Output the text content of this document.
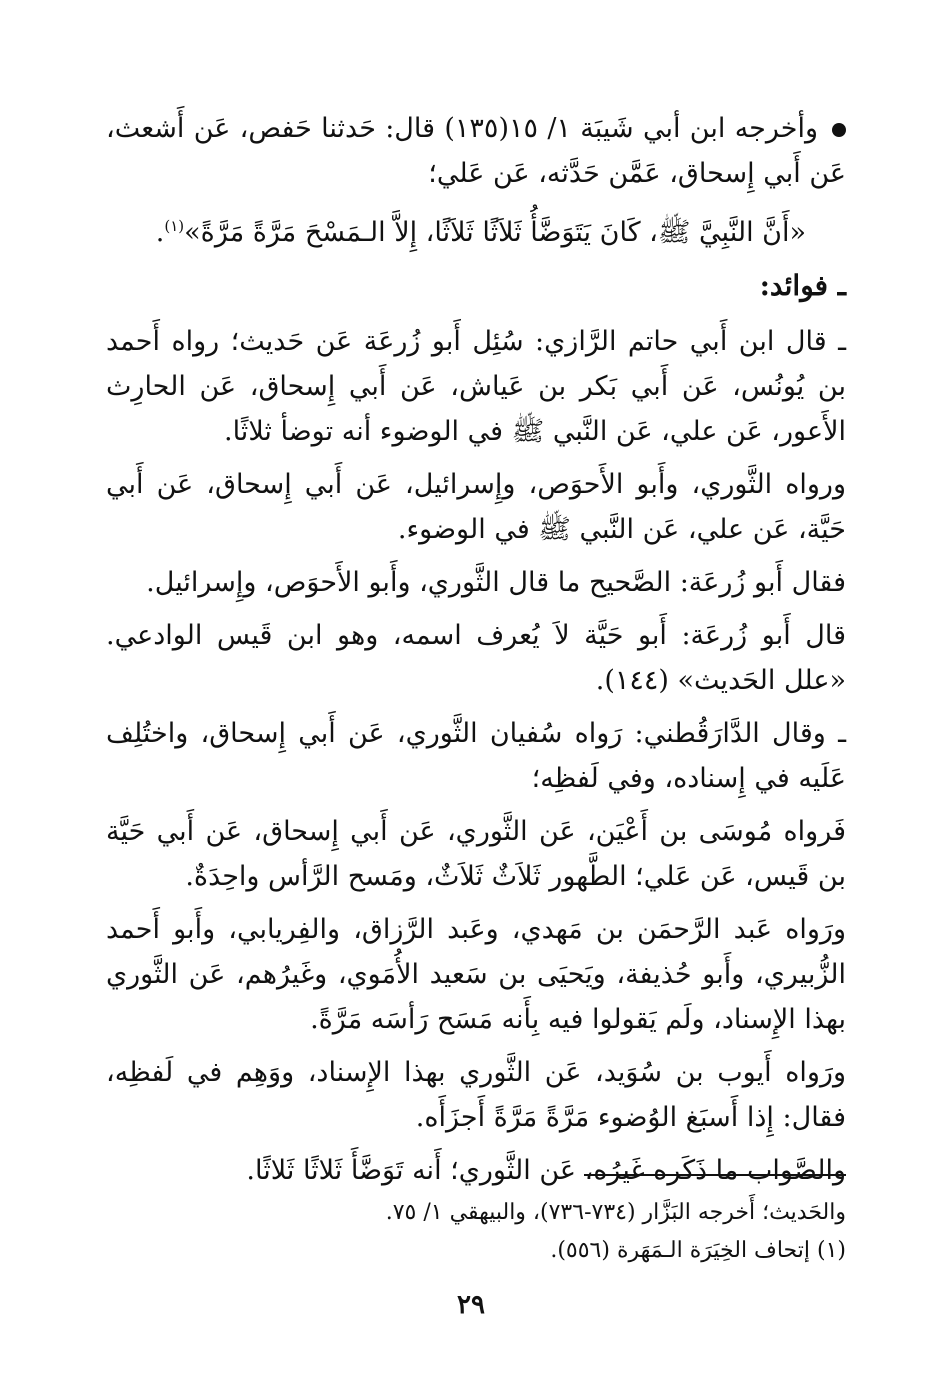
وأخرجه ابن أبي شَيبَة ١/ ١٥(١٣٥) قال: حَدثنا حَفص، عَن أَشعث، عَن أَبي إِسحاق، عَمَّن حَدَّثه، عَن عَلي؛

«أَنَّ النَّبِيَّ ﷺ، كَانَ يَتَوَضَّأُ ثَلاَثًا ثَلاَثًا، إِلاَّ الـمَسْحَ مَرَّةً مَرَّةً»$^{(١)}$.

ـ فوائد:

ـ قال ابن أَبي حاتم الرَّازي: سُئِل أَبو زُرعَة عَن حَديث؛ رواه أَحمد بن يُونُس، عَن أَبي بَكر بن عَياش، عَن أَبي إِسحاق، عَن الحارِث الأَعور، عَن علي، عَن النَّبي ﷺ في الوضوء أنه توضأ ثلاثًا.

ورواه الثَّوري، وأَبو الأَحوَص، وإِسرائيل، عَن أَبي إِسحاق، عَن أَبي حَيَّة، عَن علي، عَن النَّبي ﷺ في الوضوء.

فقال أَبو زُرعَة: الصَّحيح ما قال الثَّوري، وأَبو الأَحوَص، وإِسرائيل.

قال أَبو زُرعَة: أَبو حَيَّة لاَ يُعرف اسمه، وهو ابن قَيس الوادعي. «علل الحَديث» (١٤٤).

ـ وقال الدَّارَقُطني: رَواه سُفيان الثَّوري، عَن أَبي إِسحاق، واختُلِف عَلَيه في إِسناده، وفي لَفظِه؛

فَرواه مُوسَى بن أَعْيَن، عَن الثَّوري، عَن أَبي إِسحاق، عَن أَبي حَيَّة بن قَيس، عَن عَلي؛ الطَّهور ثَلاَثٌ ثَلاَثٌ، ومَسح الرَّأس واحِدَةٌ.

ورَواه عَبد الرَّحمَن بن مَهدي، وعَبد الرَّزاق، والفِريابي، وأَبو أَحمد الزُّبيري، وأَبو حُذيفة، ويَحيَى بن سَعيد الأُمَوي، وغَيرُهم، عَن الثَّوري بهذا الإِسناد، ولَم يَقولوا فيه بِأَنه مَسَح رَأسَه مَرَّةً.

ورَواه أَيوب بن سُوَيد، عَن الثَّوري بهذا الإِسناد، ووَهِم في لَفظِه، فقال: إِذا أَسبَغ الوُضوء مَرَّةً مَرَّةً أَجزَأَه.

والصَّواب ما ذَكَره غَيرُه، عَن الثَّوري؛ أَنه تَوَضَّأَ ثَلاثًا ثَلاثًا.

والحَديث؛ أَخرجه البَزَّار (٧٣٤-٧٣٦)، والبيهقي ١/ ٧٥.
(١) إتحاف الخِيَرَة الـمَهَرة (٥٥٦).
٢٩
